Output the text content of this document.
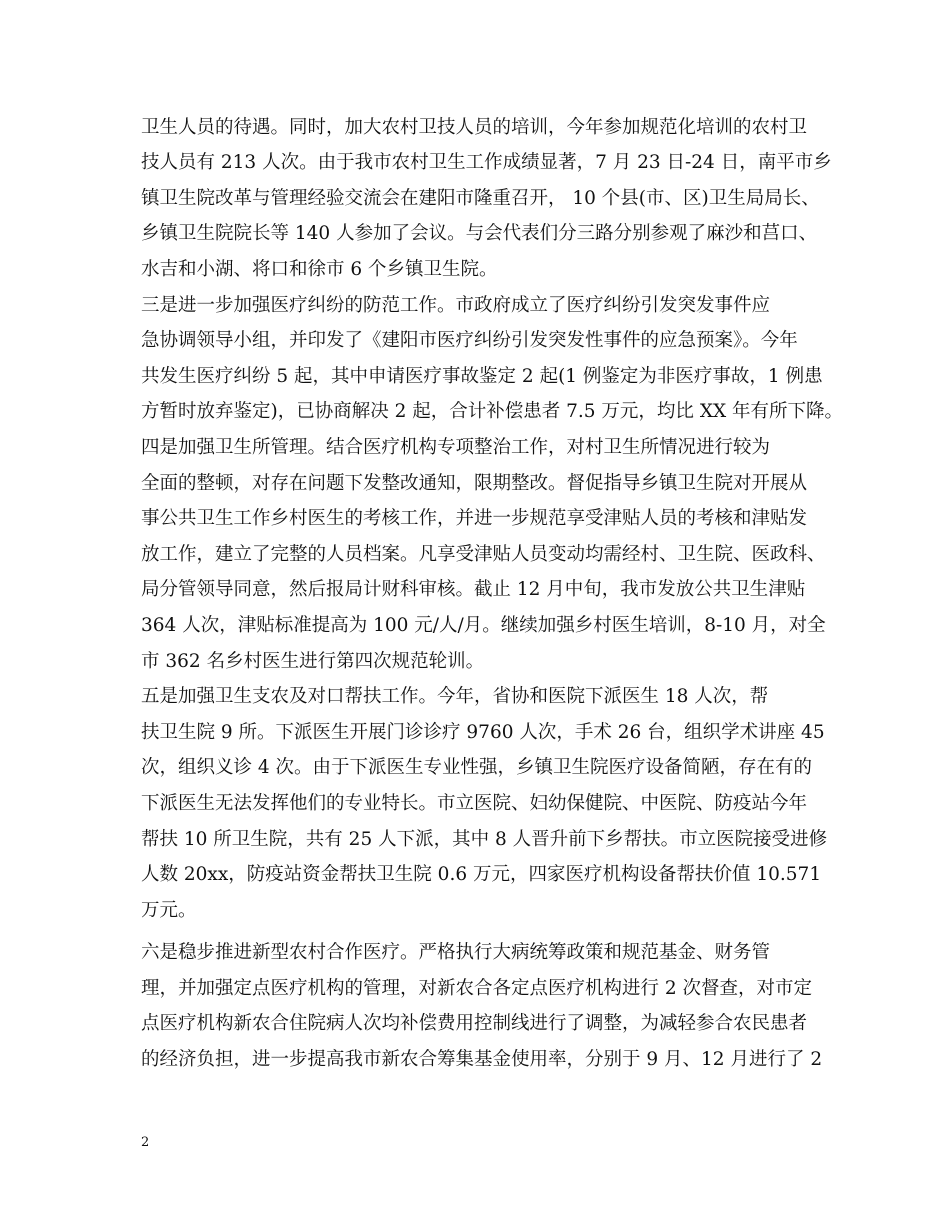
卫生人员的待遇。同时，加大农村卫技人员的培训，今年参加规范化培训的农村卫
技人员有 213 人次。由于我市农村卫生工作成绩显著，7 月 23 日-24 日，南平市乡
镇卫生院改革与管理经验交流会在建阳市隆重召开， 10 个县(市、区)卫生局局长、
乡镇卫生院院长等 140 人参加了会议。与会代表们分三路分别参观了麻沙和莒口、
水吉和小湖、将口和徐市 6 个乡镇卫生院。
三是进一步加强医疗纠纷的防范工作。市政府成立了医疗纠纷引发突发事件应
急协调领导小组，并印发了《建阳市医疗纠纷引发突发性事件的应急预案》。今年
共发生医疗纠纷 5 起，其中申请医疗事故鉴定 2 起(1 例鉴定为非医疗事故，1 例患
方暂时放弃鉴定)，已协商解决 2 起，合计补偿患者 7.5 万元，均比 XX 年有所下降。
四是加强卫生所管理。结合医疗机构专项整治工作，对村卫生所情况进行较为
全面的整顿，对存在问题下发整改通知，限期整改。督促指导乡镇卫生院对开展从
事公共卫生工作乡村医生的考核工作，并进一步规范享受津贴人员的考核和津贴发
放工作，建立了完整的人员档案。凡享受津贴人员变动均需经村、卫生院、医政科、
局分管领导同意，然后报局计财科审核。截止 12 月中旬，我市发放公共卫生津贴
364 人次，津贴标准提高为 100 元/人/月。继续加强乡村医生培训，8-10 月，对全
市 362 名乡村医生进行第四次规范轮训。
五是加强卫生支农及对口帮扶工作。今年，省协和医院下派医生 18 人次，帮
扶卫生院 9 所。下派医生开展门诊诊疗 9760 人次，手术 26 台，组织学术讲座 45
次，组织义诊 4 次。由于下派医生专业性强，乡镇卫生院医疗设备简陋，存在有的
下派医生无法发挥他们的专业特长。市立医院、妇幼保健院、中医院、防疫站今年
帮扶 10 所卫生院，共有 25 人下派，其中 8 人晋升前下乡帮扶。市立医院接受进修
人数 20xx，防疫站资金帮扶卫生院 0.6 万元，四家医疗机构设备帮扶价值 10.571
万元。
六是稳步推进新型农村合作医疗。严格执行大病统筹政策和规范基金、财务管
理，并加强定点医疗机构的管理，对新农合各定点医疗机构进行 2 次督查，对市定
点医疗机构新农合住院病人次均补偿费用控制线进行了调整，为减轻参合农民患者
的经济负担，进一步提高我市新农合筹集基金使用率，分别于 9 月、12 月进行了 2
2
